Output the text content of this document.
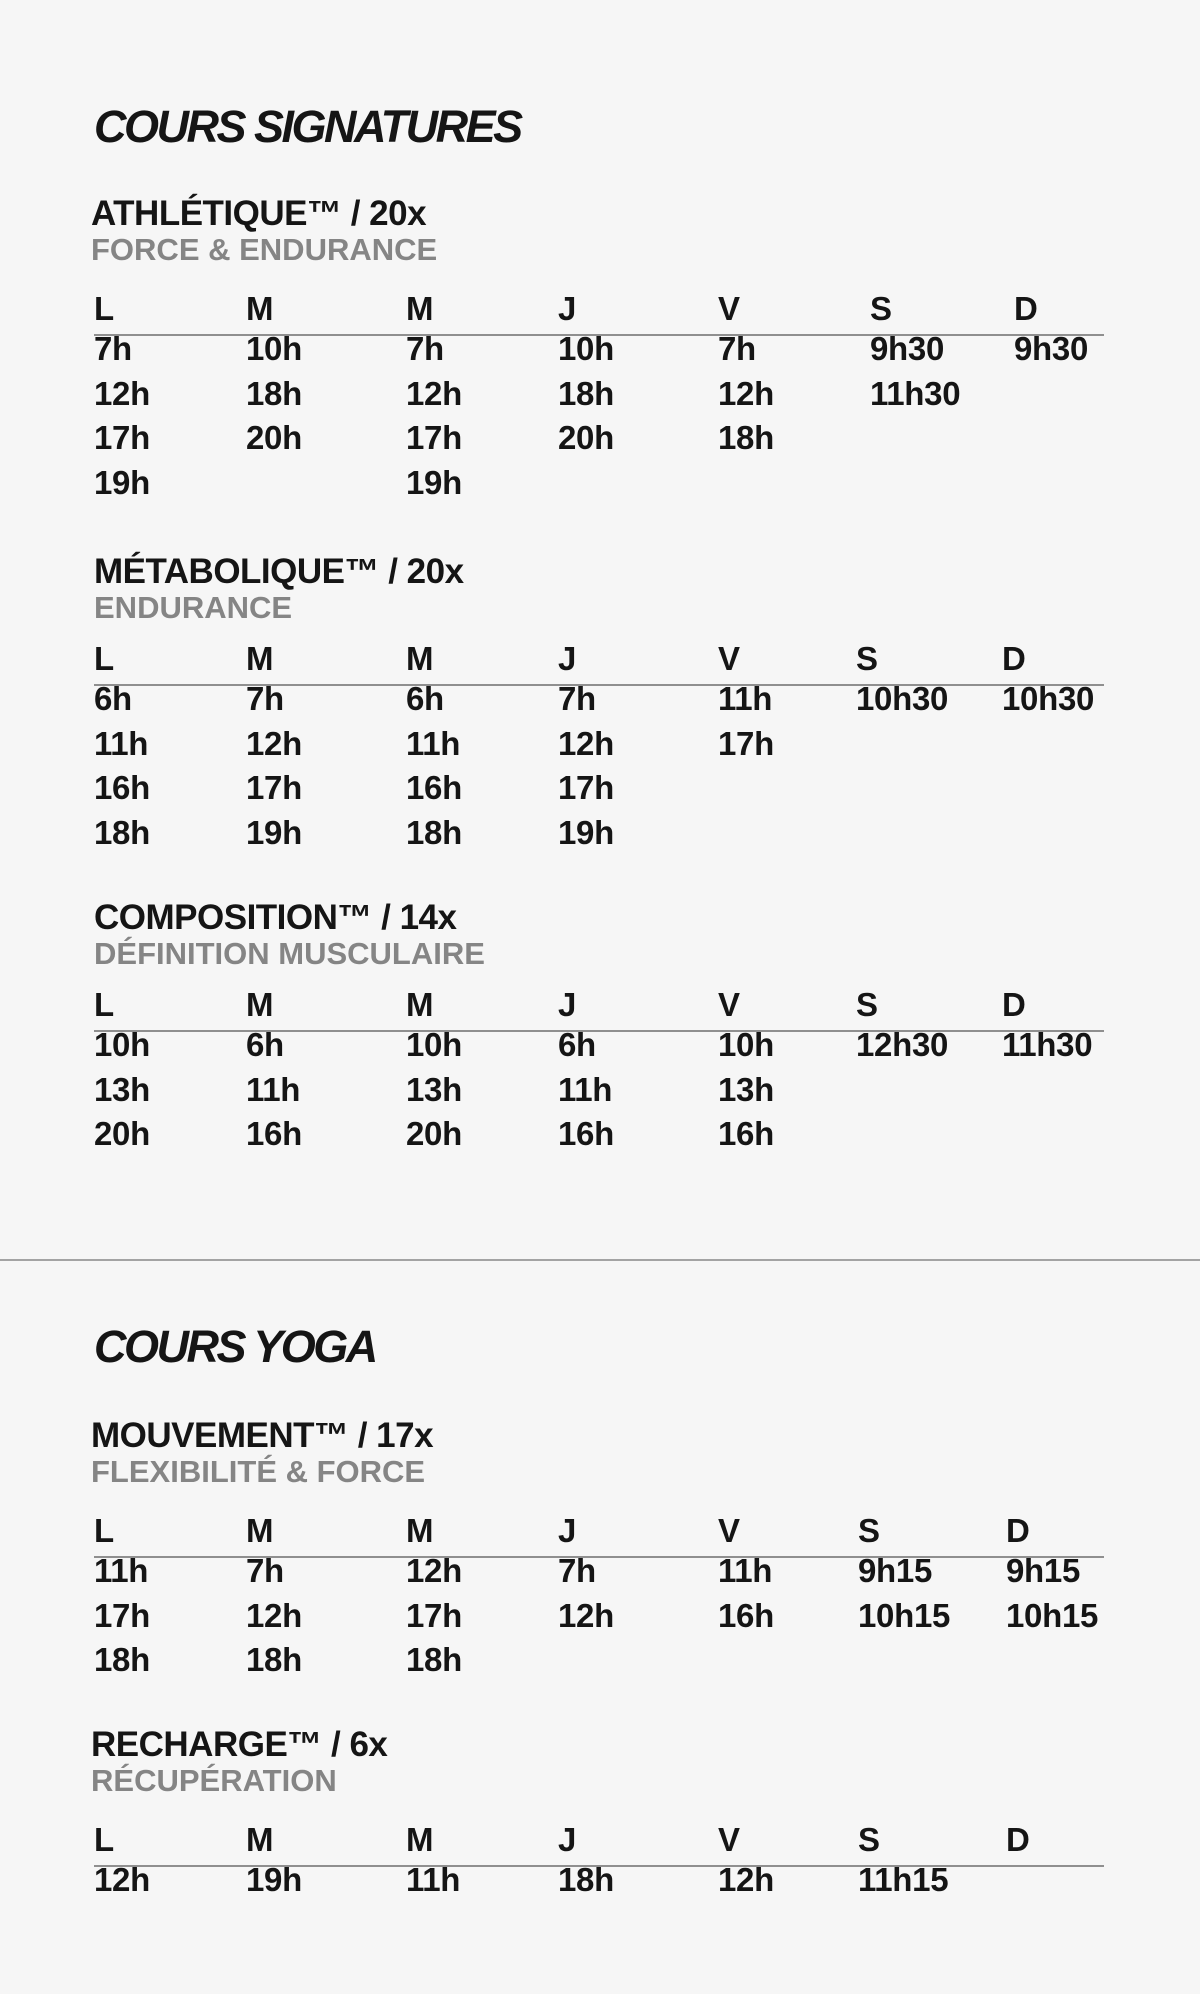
COURS SIGNATURES
ATHLÉTIQUE™ / 20x
FORCE & ENDURANCE
L
7h
12h
17h
19h
M
10h
18h
20h
M
7h
12h
17h
19h
J
10h
18h
20h
V
7h
12h
18h
S
9h30
11h30
D
9h30
MÉTABOLIQUE™ / 20x
ENDURANCE
L
6h
11h
16h
18h
M
7h
12h
17h
19h
M
6h
11h
16h
18h
J
7h
12h
17h
19h
V
11h
17h
S
10h30
D
10h30
COMPOSITION™ / 14x
DÉFINITION MUSCULAIRE
L
10h
13h
20h
M
6h
11h
16h
M
10h
13h
20h
J
6h
11h
16h
V
10h
13h
16h
S
12h30
D
11h30
COURS YOGA
MOUVEMENT™ / 17x
FLEXIBILITÉ & FORCE
L
11h
17h
18h
M
7h
12h
18h
M
12h
17h
18h
J
7h
12h
V
11h
16h
S
9h15
10h15
D
9h15
10h15
RECHARGE™ / 6x
RÉCUPÉRATION
L
12h
M
19h
M
11h
J
18h
V
12h
S
11h15
D
